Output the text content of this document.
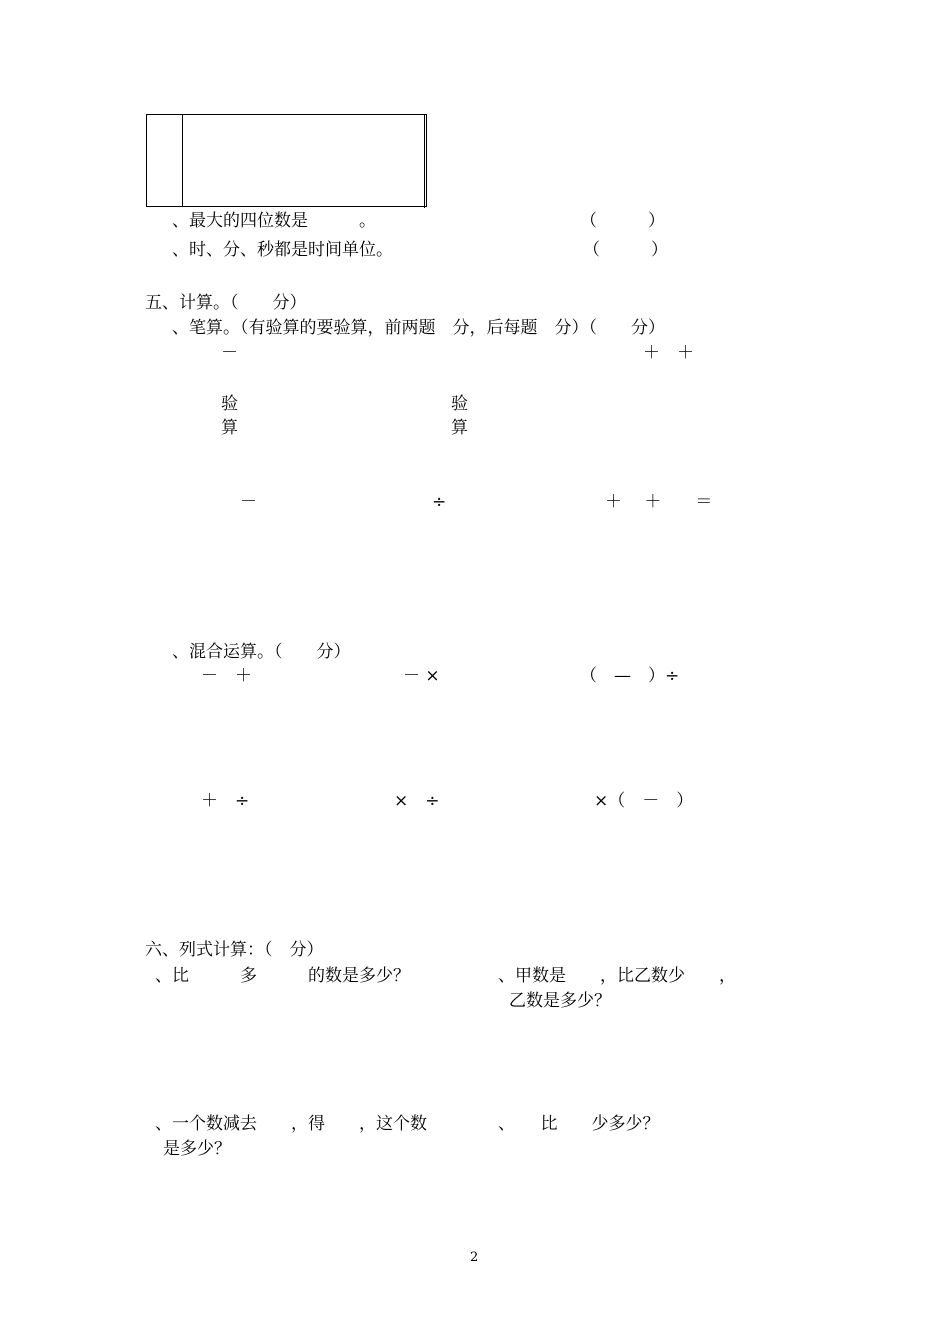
、最大的四位数是　　　。	（　　　）
、时、分、秒都是时间单位。	（　　　）
五、计算。（　　分）
、笔算。（有验算的要验算，前两题　分，后每题　分）（　　分）
－	＋　＋
验
算
验
算
－	÷	＋　 ＋　　＝
、混合运算。（　　分）
－　＋	－ ×	（　—　）÷
＋　÷	×　÷	×（　－　）
六、列式计算：（　分）
、比　　　多　　　的数是多少？	、甲数是　　，比乙数少　　，
乙数是多少？
、一个数减去　　，得　　，这个数
是多少？
、　　比　　少多少？
2
